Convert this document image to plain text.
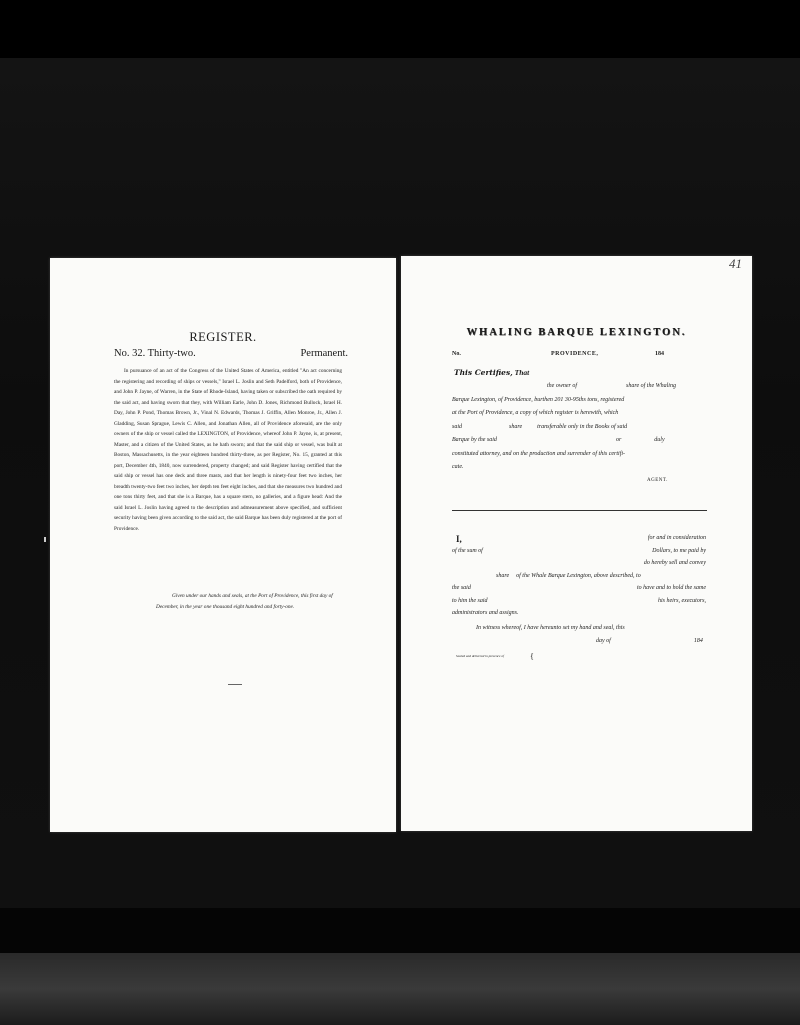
REGISTER.
No. 32. Thirty-two.	Permanent.
In pursuance of an act of the Congress of the United States of America, entitled "An act concerning the registering and recording of ships or vessels," Israel L. Joslin and Seth Padelford, both of Providence, and John P. Jayne, of Warren, in the State of Rhode-Island, having taken or subscribed the oath required by the said act, and having sworn that they, with William Earle, John D. Jones, Richmond Bullock, Israel H. Day, John P. Pond, Thomas Brown, Jr., Vinal N. Edwards, Thomas J. Griffin, Allen Monroe, Jr., Allen J. Gladding, Susan Sprague, Lewis C. Allen, and Jonathan Allen, all of Providence aforesaid, are the only owners of the ship or vessel called the LEXINGTON, of Providence, whereof John P. Jayne, is, at present, Master, and a citizen of the United States, as he hath sworn; and that the said ship or vessel, was built at Boston, Massachusetts, in the year eighteen hundred thirty-three, as per Register, No. 15, granted at this port, December 4th, 1840, now surrendered, property changed; and said Register having certified that the said ship or vessel has one deck and three masts, and that her length is ninety-four feet two inches, her breadth twenty-two feet two inches, her depth ten feet eight inches, and that she measures two hundred and one tons thirty feet, and that she is a Barque, has a square stern, no galleries, and a figure head: And the said Israel L. Joslin having agreed to the description and admeasurement above specified, and sufficient security having been given according to the said act, the said Barque has been duly registered at the port of Providence.
Given under our hands and seals, at the Port of Providence, this first day of December, in the year one thousand eight hundred and forty-one.
41
WHALING BARQUE LEXINGTON.
No.	PROVIDENCE,	184
This Certifies, That
the owner of	share of the Whaling
Barque Lexington, of Providence, burthen 201 30-95ths tons, registered
at the Port of Providence, a copy of which register is herewith, which
said	share	transferable only in the Books of said
Barque by the said	or	duly
constituted attorney, and on the production and surrender of this certifi-
cate.
AGENT.
I,	for and in consideration
of the sum of	Dollars, to me paid by
do hereby sell and convey
share of the Whale Barque Lexington, above described, to
the said	to have and to hold the same
to him the said	his heirs, executors,
administrators and assigns.
In witness whereof, I have hereunto set my hand and seal, this
day of	184
Sealed and delivered in presence of	{
